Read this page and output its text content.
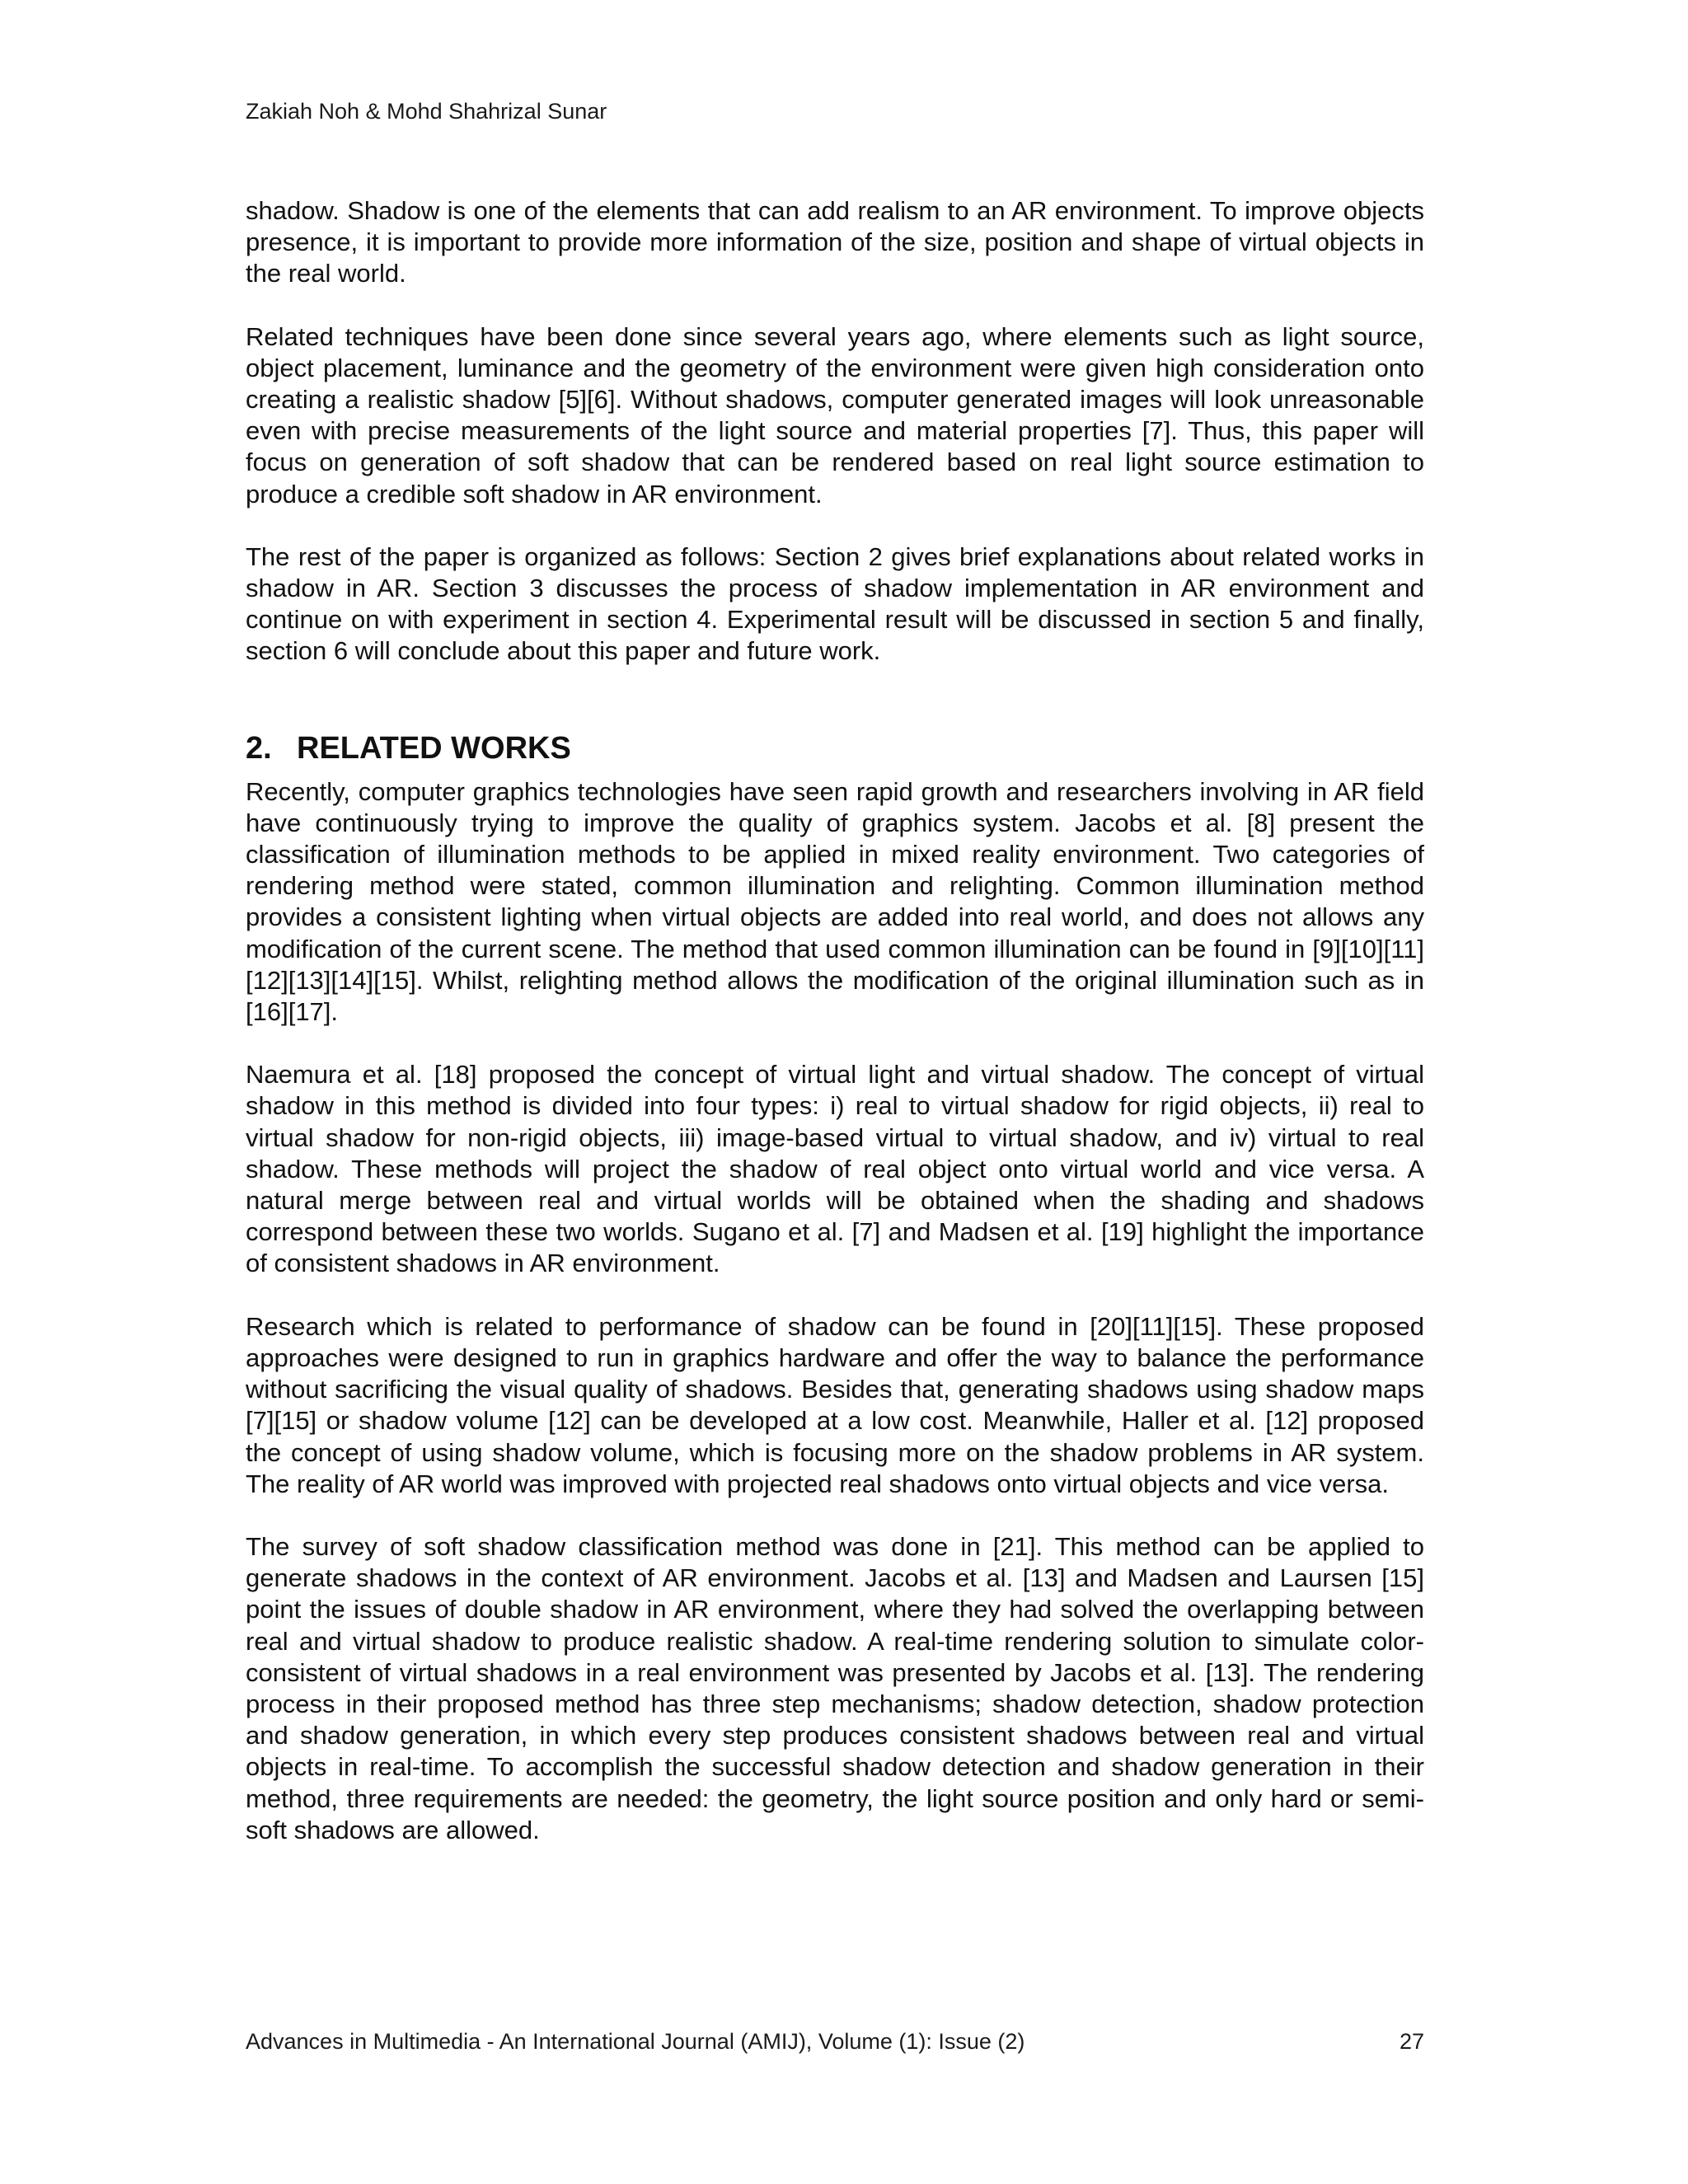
Zakiah Noh & Mohd Shahrizal Sunar

shadow. Shadow is one of the elements that can add realism to an AR environment. To improve objects presence, it is important to provide more information of the size, position and shape of virtual objects in the real world.

Related techniques have been done since several years ago, where elements such as light source, object placement, luminance and the geometry of the environment were given high consideration onto creating a realistic shadow [5][6]. Without shadows, computer generated images will look unreasonable even with precise measurements of the light source and material properties [7]. Thus, this paper will focus on generation of soft shadow that can be rendered based on real light source estimation to produce a credible soft shadow in AR environment.

The rest of the paper is organized as follows: Section 2 gives brief explanations about related works in shadow in AR. Section 3 discusses the process of shadow implementation in AR environment and continue on with experiment in section 4. Experimental result will be discussed in section 5 and finally, section 6 will conclude about this paper and future work.

2. RELATED WORKS

Recently, computer graphics technologies have seen rapid growth and researchers involving in AR field have continuously trying to improve the quality of graphics system. Jacobs et al. [8] present the classification of illumination methods to be applied in mixed reality environment. Two categories of rendering method were stated, common illumination and relighting. Common illumination method provides a consistent lighting when virtual objects are added into real world, and does not allows any modification of the current scene. The method that used common illumination can be found in [9][10][11][12][13][14][15]. Whilst, relighting method allows the modification of the original illumination such as in [16][17].

Naemura et al. [18] proposed the concept of virtual light and virtual shadow. The concept of virtual shadow in this method is divided into four types: i) real to virtual shadow for rigid objects, ii) real to virtual shadow for non-rigid objects, iii) image-based virtual to virtual shadow, and iv) virtual to real shadow. These methods will project the shadow of real object onto virtual world and vice versa. A natural merge between real and virtual worlds will be obtained when the shading and shadows correspond between these two worlds. Sugano et al. [7] and Madsen et al. [19] highlight the importance of consistent shadows in AR environment.

Research which is related to performance of shadow can be found in [20][11][15]. These proposed approaches were designed to run in graphics hardware and offer the way to balance the performance without sacrificing the visual quality of shadows. Besides that, generating shadows using shadow maps [7][15] or shadow volume [12] can be developed at a low cost. Meanwhile, Haller et al. [12] proposed the concept of using shadow volume, which is focusing more on the shadow problems in AR system. The reality of AR world was improved with projected real shadows onto virtual objects and vice versa.

The survey of soft shadow classification method was done in [21]. This method can be applied to generate shadows in the context of AR environment. Jacobs et al. [13] and Madsen and Laursen [15] point the issues of double shadow in AR environment, where they had solved the overlapping between real and virtual shadow to produce realistic shadow. A real-time rendering solution to simulate color-consistent of virtual shadows in a real environment was presented by Jacobs et al. [13]. The rendering process in their proposed method has three step mechanisms; shadow detection, shadow protection and shadow generation, in which every step produces consistent shadows between real and virtual objects in real-time. To accomplish the successful shadow detection and shadow generation in their method, three requirements are needed: the geometry, the light source position and only hard or semi-soft shadows are allowed.

Advances in Multimedia - An International Journal (AMIJ), Volume (1): Issue (2)	27
